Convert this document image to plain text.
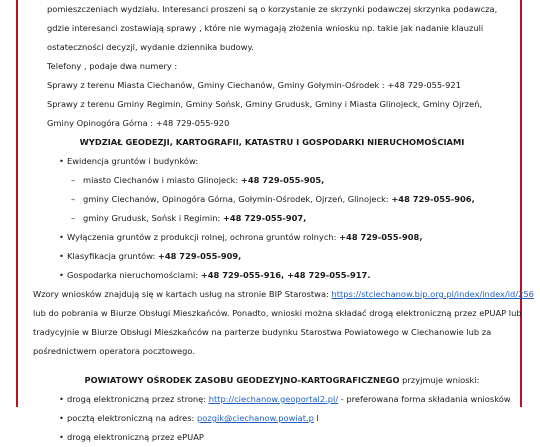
pomieszczeniach wydziału. Interesanci proszeni są o korzystanie ze skrzynki podawczej skrzynka podawcza,
gdzie interesanci zostawiają sprawy , które nie wymagają złożenia wniosku np. takie jak nadanie klauzuli
ostateczności decyzji, wydanie dziennika budowy.
Telefony , podaje dwa numery :
Sprawy z terenu Miasta Ciechanów, Gminy Ciechanów, Gminy Gołymin-Ośrodek : +48 729-055-921
Sprawy z terenu Gminy Regimin, Gminy Sońsk, Gminy Grudusk, Gminy i Miasta Glinojeck, Gminy Ojrzeń,
Gminy Opinogóra Górna : +48 729-055-920
WYDZIAŁ GEODEZJI, KARTOGRAFII, KATASTRU I GOSPODARKI NIERUCHOMOŚCIAMI
• Ewidencja gruntów i budynków:
– miasto Ciechanów i miasto Glinojeck: +48 729-055-905,
– gminy Ciechanów, Opinogóra Górna, Gołymin-Ośrodek, Ojrzeń, Glinojeck: +48 729-055-906,
– gminy Grudusk, Sońsk i Regimin: +48 729-055-907,
• Wyłączenia gruntów z produkcji rolnej, ochrona gruntów rolnych: +48 729-055-908,
• Klasyfikacja gruntów: +48 729-055-909,
• Gospodarka nieruchomościami: +48 729-055-916, +48 729-055-917.
Wzory wniosków znajdują się w kartach usług na stronie BIP Starostwa: https://stciechanow.bip.org.pl/index/index/id/256
lub do pobrania w Biurze Obsługi Mieszkańców. Ponadto, wnioski można składać drogą elektroniczną przez ePUAP lub
tradycyjnie w Biurze Obsługi Mieszkańców na parterze budynku Starostwa Powiatowego w Ciechanowie lub za
pośrednictwem operatora pocztowego.
POWIATOWY OŚRODEK ZASOBU GEODEZYJNO-KARTOGRAFICZNEGO przyjmuje wnioski:
• drogą elektroniczną przez stronę: http://ciechanow.geoportal2.pl/ - preferowana forma składania wniosków
• pocztą elektroniczną na adres: pozgik@ciechanow.powiat.p l
• drogą elektroniczną przez ePUAP
